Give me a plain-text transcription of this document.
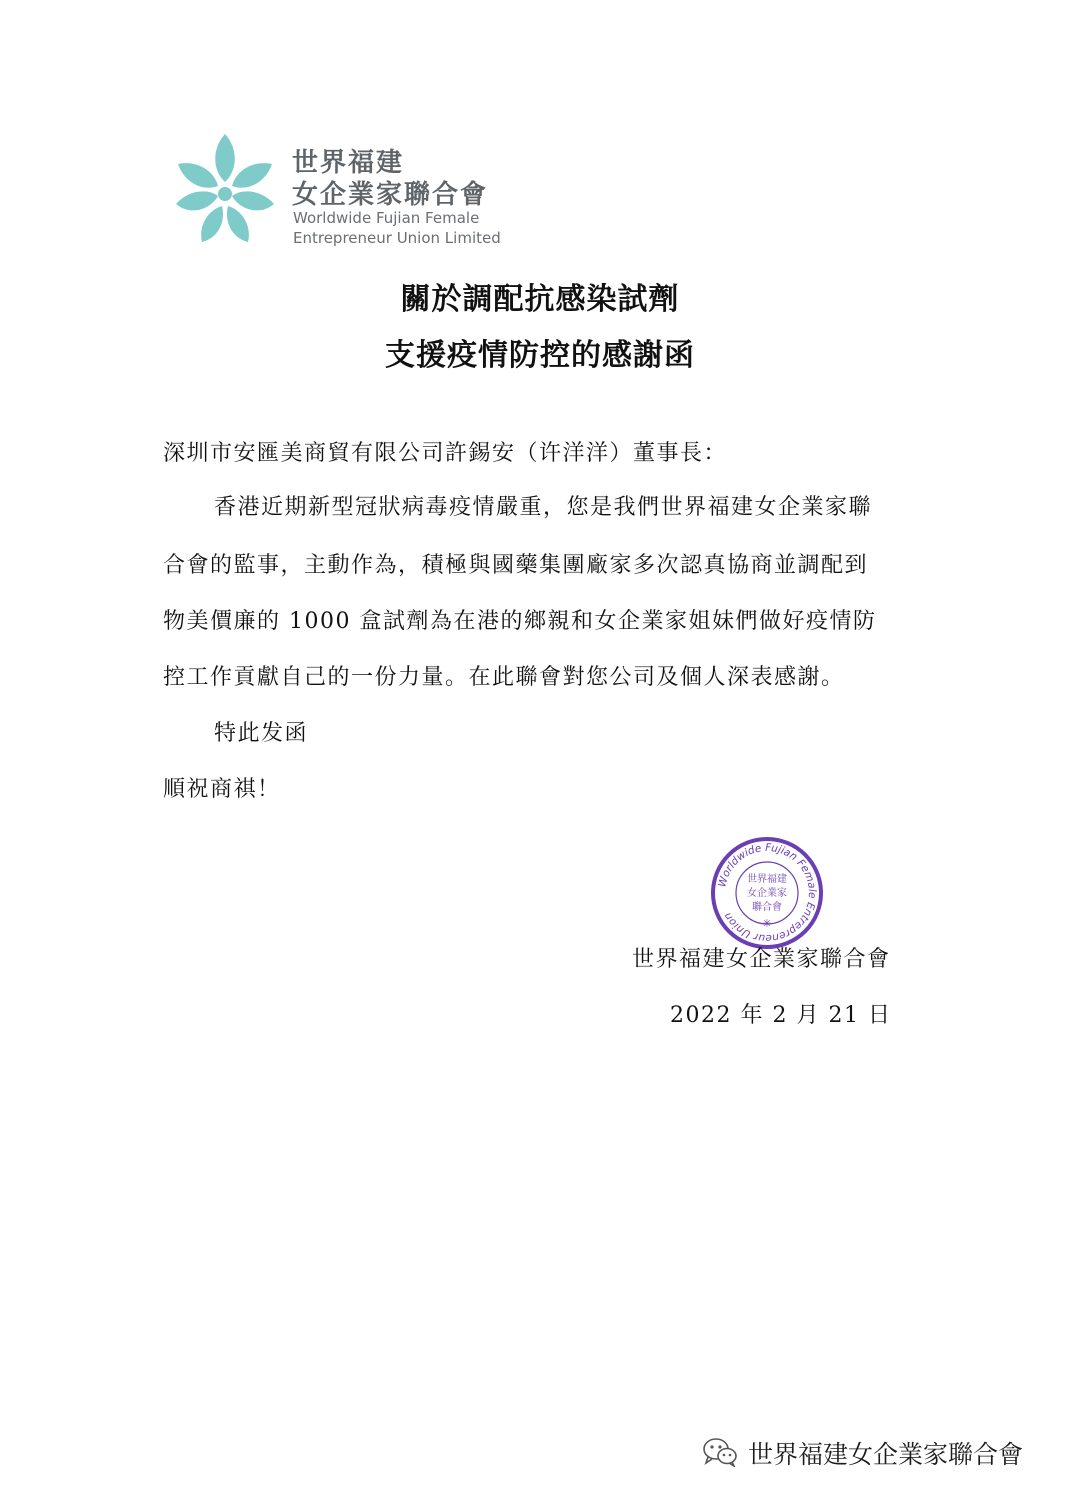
世界福建
女企業家聯合會
Worldwide Fujian Female
Entrepreneur Union Limited
關於調配抗感染試劑
支援疫情防控的感謝函
深圳市安匯美商貿有限公司許錫安（许洋洋）董事長：
香港近期新型冠狀病毒疫情嚴重，您是我們世界福建女企業家聯
合會的監事，主動作為，積極與國藥集團廠家多次認真協商並調配到
物美價廉的 1000 盒試劑為在港的鄉親和女企業家姐妹們做好疫情防
控工作貢獻自己的一份力量。在此聯會對您公司及個人深表感謝。
特此发函
順祝商祺！
Worldwide Fujian Female Entrepreneur Union
✳
世界福建
女企業家
聯合會
世界福建女企業家聯合會
2022 年 2 月 21 日
世界福建女企業家聯合會
